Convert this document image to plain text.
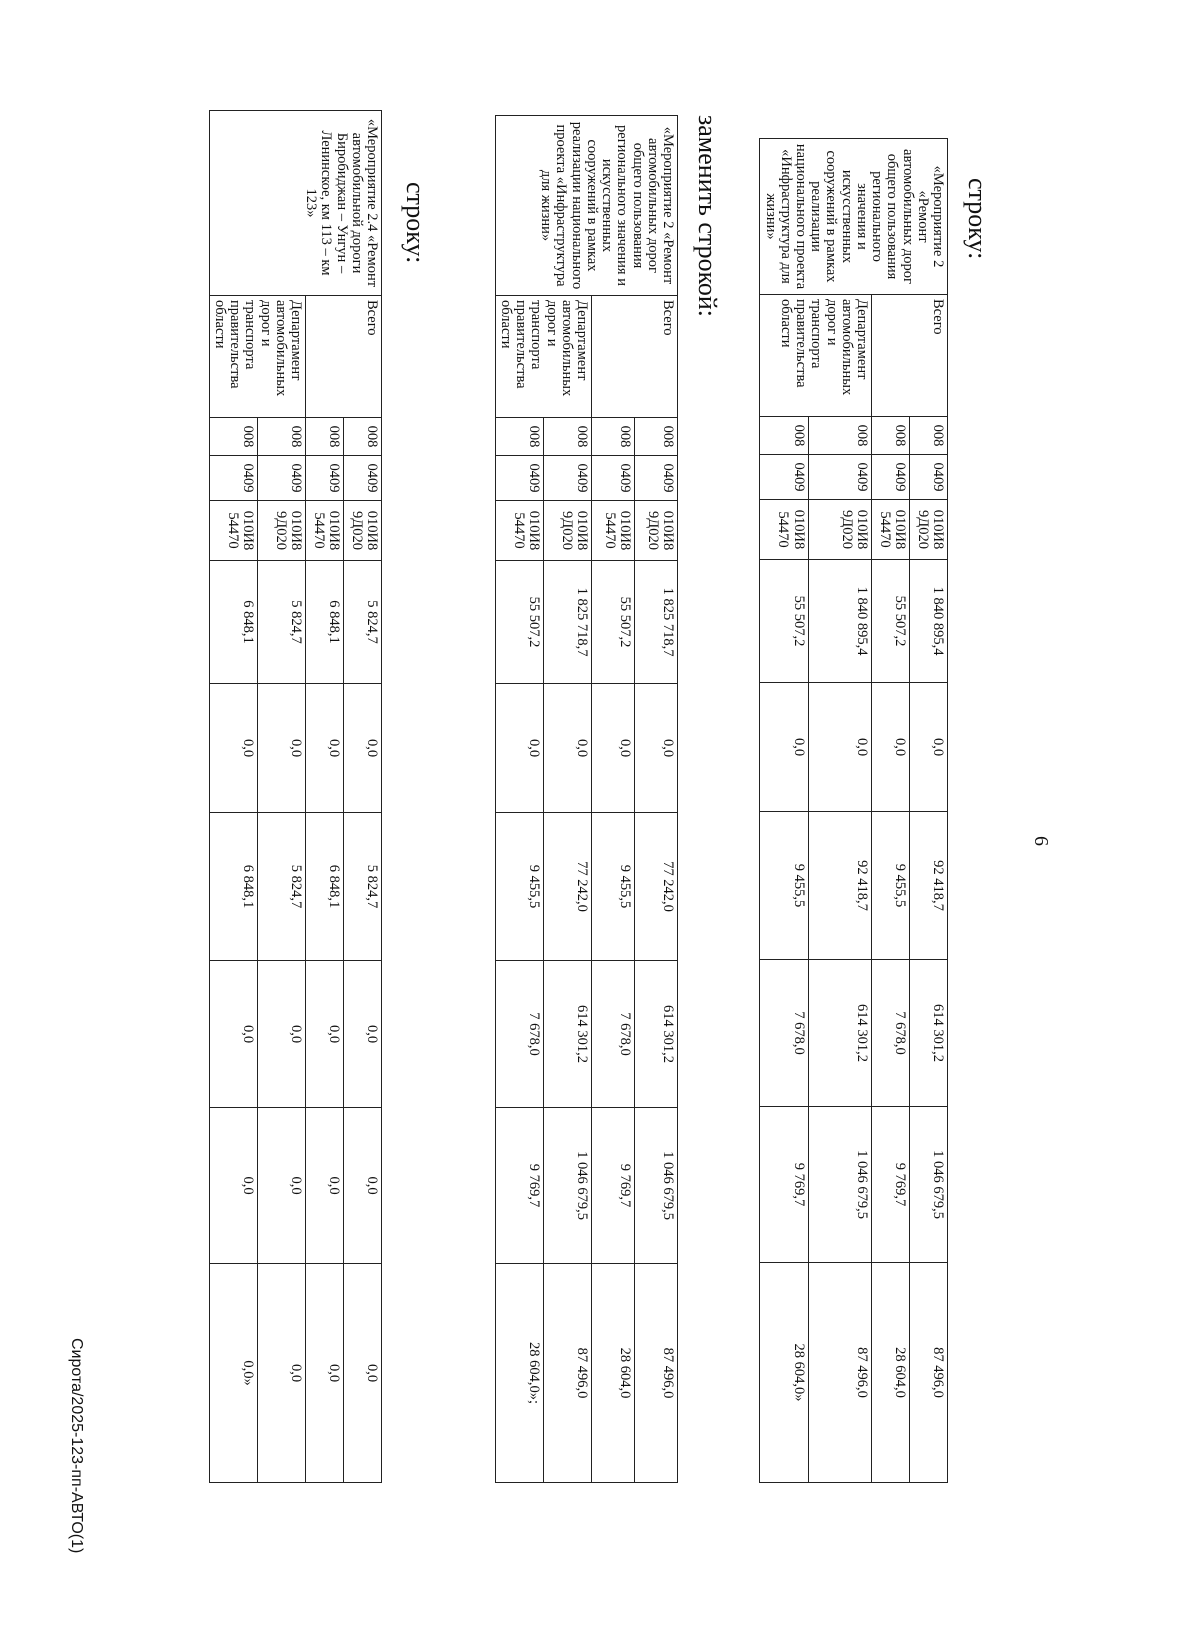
6
строку:
«Мероприятие 2 «Ремонт автомобильных дорог общего пользования регионального значения и искусственных сооружений в рамках реализации национального проекта «Инфраструктура для жизни»	Всего	008	0409	010И8 9Д020	1 840 895,4	0,0	92 418,7	614 301,2	1 046 679,5	87 496,0
		008	0409	010И8 54470	55 507,2	0,0	9 455,5	7 678,0	9 769,7	28 604,0
	Департамент автомобильных дорог и транспорта правительства области	008	0409	010И8 9Д020	1 840 895,4	0,0	92 418,7	614 301,2	1 046 679,5	87 496,0
		008	0409	010И8 54470	55 507,2	0,0	9 455,5	7 678,0	9 769,7	28 604,0»
заменить строкой:
«Мероприятие 2 «Ремонт автомобильных дорог общего пользования регионального значения и искусственных сооружений в рамках реализации национального проекта «Инфраструктура для жизни»	Всего	008	0409	010И8 9Д020	1 825 718,7	0,0	77 242,0	614 301,2	1 046 679,5	87 496,0
		008	0409	010И8 54470	55 507,2	0,0	9 455,5	7 678,0	9 769,7	28 604,0
	Департамент автомобильных дорог и транспорта правительства области	008	0409	010И8 9Д020	1 825 718,7	0,0	77 242,0	614 301,2	1 046 679,5	87 496,0
		008	0409	010И8 54470	55 507,2	0,0	9 455,5	7 678,0	9 769,7	28 604,0»;
строку:
«Мероприятие 2.4 «Ремонт автомобильной дороги Биробиджан – Унгун – Ленинское, км 113 – км 123»	Всего	008	0409	010И8 9Д020	5 824,7	0,0	5 824,7	0,0	0,0	0,0
		008	0409	010И8 54470	6 848,1	0,0	6 848,1	0,0	0,0	0,0
	Департамент автомобильных дорог и транспорта правительства области	008	0409	010И8 9Д020	5 824,7	0,0	5 824,7	0,0	0,0	0,0
		008	0409	010И8 54470	6 848,1	0,0	6 848,1	0,0	0,0	0,0»
Сирота/2025-123-пп-АВТО(1)
